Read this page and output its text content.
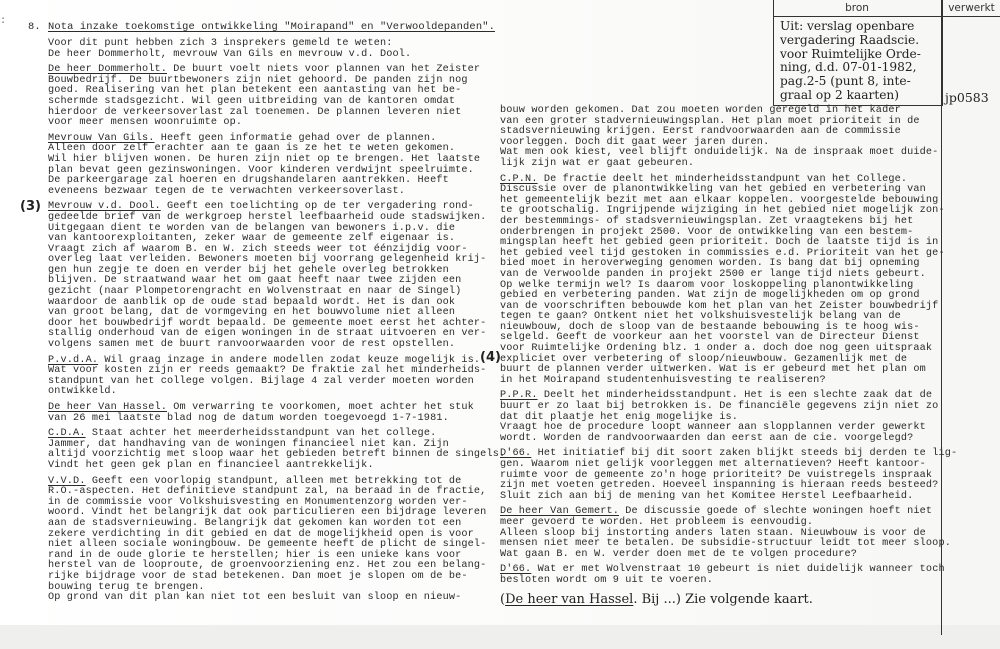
: 8. Nota inzake toekomstige ontwikkeling "Moirapand" en "Verwooldepanden".
Voor dit punt hebben zich 3 insprekers gemeld te weten:
De heer Dommerholt, mevrouw Van Gils en mevrouw v.d. Dool.
De heer Dommerholt. De buurt voelt niets voor plannen van het Zeister
Bouwbedrijf. De buurtbewoners zijn niet gehoord. De panden zijn nog
goed. Realisering van het plan betekent een aantasting van het be-
schermde stadsgezicht. Wil geen uitbreiding van de kantoren omdat
hierdoor de verkeersoverlast zal toenemen. De plannen leveren niet
voor meer mensen woonruimte op.
Mevrouw Van Gils. Heeft geen informatie gehad over de plannen.
Alleen door zelf erachter aan te gaan is ze het te weten gekomen.
Wil hier blijven wonen. De huren zijn niet op te brengen. Het laatste
plan bevat geen gezinswoningen. Voor kinderen verdwijnt speelruimte.
De parkeergarage zal hoeren en drugshandelaren aantrekken. Heeft
eveneens bezwaar tegen de te verwachten verkeersoverlast.
Mevrouw v.d. Dool. Geeft een toelichting op de ter vergadering rond-
gedeelde brief van de werkgroep herstel leefbaarheid oude stadswijken.
Uitgegaan dient te worden van de belangen van bewoners i.p.v. die
van kantoorexploitanten, zeker waar de gemeente zelf eigenaar is.
Vraagt zich af waarom B. en W. zich steeds weer tot éénzijdig voor-
overleg laat verleiden. Bewoners moeten bij voorrang gelegenheid krij-
gen hun zegje te doen en verder bij het gehele overleg betrokken
blijven. De straatwand waar het om gaat heeft naar twee zijden een
gezicht (naar Plompetorengracht en Wolvenstraat en naar de Singel)
waardoor de aanblik op de oude stad bepaald wordt. Het is dan ook
van groot belang, dat de vormgeving en het bouwvolume niet alleen
door het bouwbedrijf wordt bepaald. De gemeente moet eerst het achter-
stallig onderhoud van de eigen woningen in de straat uitvoeren en ver-
volgens samen met de buurt ranvoorwaarden voor de rest opstellen.
P.v.d.A. Wil graag inzage in andere modellen zodat keuze mogelijk is.
Wat voor kosten zijn er reeds gemaakt? De fraktie zal het minderheids-
standpunt van het college volgen. Bijlage 4 zal verder moeten worden
ontwikkeld.
De heer Van Hassel. Om verwarring te voorkomen, moet achter het stuk
van 26 mei laatste blad nog de datum worden toegevoegd 1-7-1981.
C.D.A. Staat achter het meerderheidsstandpunt van het college.
Jammer, dat handhaving van de woningen financieel niet kan. Zijn
altijd voorzichtig met sloop waar het gebieden betreft binnen de singels.
Vindt het geen gek plan en financieel aantrekkelijk.
V.V.D. Geeft een voorlopig standpunt, alleen met betrekking tot de
R.O.-aspecten. Het definitieve standpunt zal, na beraad in de fractie,
in de commissie voor Volkshuisvesting en Monumentenzorg worden ver-
woord. Vindt het belangrijk dat ook particulieren een bijdrage leveren
aan de stadsvernieuwing. Belangrijk dat gekomen kan worden tot een
zekere verdichting in dit gebied en dat de mogelijkheid open is voor
niet alleen sociale woningbouw. De gemeente heeft de plicht de singel-
rand in de oude glorie te herstellen; hier is een unieke kans voor
herstel van de looproute, de groenvoorziening enz. Het zou een belang-
rijke bijdrage voor de stad betekenen. Dan moet je slopen om de be-
bouwing terug te brengen.
Op grond van dit plan kan niet tot een besluit van sloop en nieuw-
bouw worden gekomen. Dat zou moeten worden geregeld in het kader
van een groter stadvernieuwingsplan. Het plan moet prioriteit in de
stadsvernieuwing krijgen. Eerst randvoorwaarden aan de commissie
voorleggen. Doch dit gaat weer jaren duren.
Wat men ook kiest, veel blijft onduidelijk. Na de inspraak moet duide-
lijk zijn wat er gaat gebeuren.
C.P.N. De fractie deelt het minderheidsstandpunt van het College.
Discussie over de planontwikkeling van het gebied en verbetering van
het gemeentelijk bezit met aan elkaar koppelen. voorgestelde bebouwing
te grootschalig. Ingrijpende wijziging in het gebied niet mogelijk zon-
der bestemmings- of stadsvernieuwingsplan. Zet vraagtekens bij het
onderbrengen in projekt 2500. Voor de ontwikkeling van een bestem-
mingsplan heeft het gebied geen prioriteit. Doch de laatste tijd is in
het gebied veel tijd gestoken in commissies e.d. Prioriteit van het ge-
bied moet in heroverweging genomen worden. Is bang dat bij opneming
van de Verwoolde panden in projekt 2500 er lange tijd niets gebeurt.
Op welke termijn wel? Is daarom voor loskoppeling planontwikkeling
gebied en verbetering panden. Wat zijn de mogelijkheden om op grond
van de voorschriften bebouwde kom het plan van het Zeister bouwbedrijf
tegen te gaan? Ontkent niet het volkshuisvestelijk belang van de
nieuwbouw, doch de sloop van de bestaande bebouwing is te hoog wis-
selgeld. Geeft de voorkeur aan het voorstel van de Directeur Dienst
voor Ruimtelijke Ordening blz. 1 onder a. doch doe nog geen uitspraak
expliciet over verbetering of sloop/nieuwbouw. Gezamenlijk met de
buurt de plannen verder uitwerken. Wat is er gebeurd met het plan om
in het Moirapand studentenhuisvesting te realiseren?
P.P.R. Deelt het minderheidsstandpunt. Het is een slechte zaak dat de
buurt er zo laat bij betrokken is. De financiële gegevens zijn niet zo
dat dit plaatje het enig mogelijke is.
Vraagt hoe de procedure loopt wanneer aan slopplannen verder gewerkt
wordt. Worden de randvoorwaarden dan eerst aan de cie. voorgelegd?
D'66. Het initiatief bij dit soort zaken blijkt steeds bij derden te lig-
gen. Waarom niet gelijk voorleggen met alternatieven? Heeft kantoor-
ruimte voor de gemeente zo'n hoge prioriteit? De vuistregels inspraak
zijn met voeten getreden. Hoeveel inspanning is hieraan reeds besteed?
Sluit zich aan bij de mening van het Komitee Herstel Leefbaarheid.
De heer Van Gemert. De discussie goede of slechte woningen hoeft niet
meer gevoerd te worden. Het probleem is eenvoudig.
Alleen sloop bij instorting anders laten staan. Nieuwbouw is voor de
mensen niet meer te betalen. De subsidie-structuur leidt tot meer sloop.
Wat gaan B. en W. verder doen met de te volgen procedure?
D'66. Wat er met Wolvenstraat 10 gebeurt is niet duidelijk wanneer toch
besloten wordt om 9 uit te voeren.
(3)
(4)
bron	verwerkt
Uit: verslag openbare
vergadering Raadscie.
voor Ruimtelijke Orde-
ning, d.d. 07-01-1982,
pag.2-5 (punt 8, inte-
graal op 2 kaarten)	jp0583
(De heer van Hassel. Bij ...) Zie volgende kaart.
